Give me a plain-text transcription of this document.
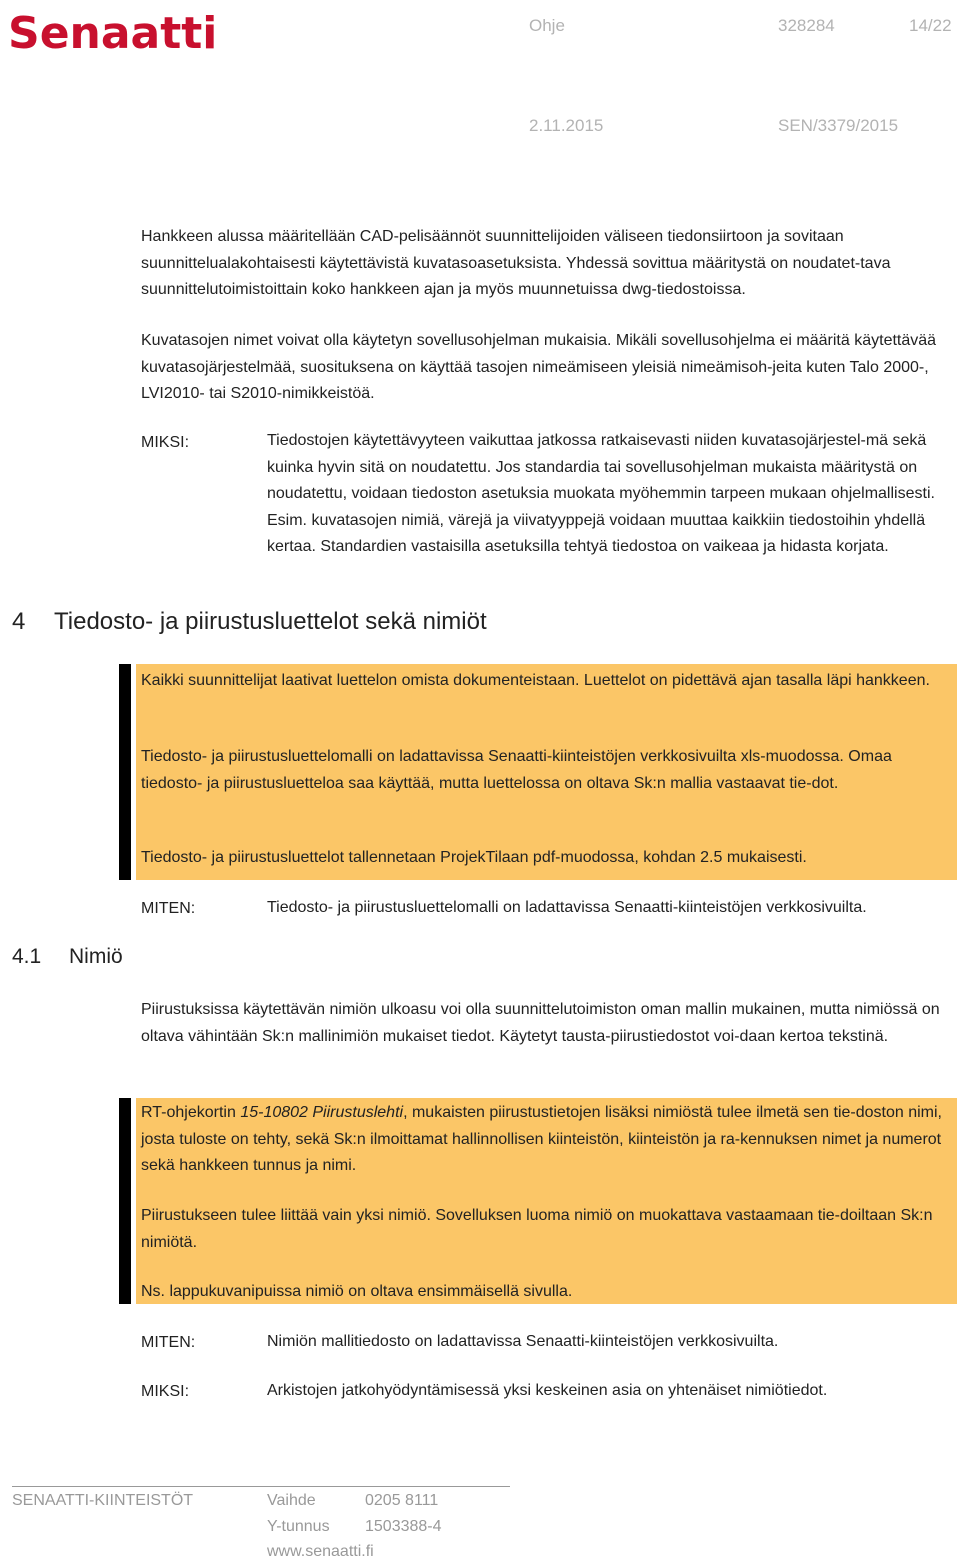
Senaatti	Ohje	328284	14/22
2.11.2015	SEN/3379/2015
Hankkeen alussa määritellään CAD-pelisäännöt suunnittelijoiden väliseen tiedonsiirtoon ja sovitaan suunnittelualakohtaisesti käytettävistä kuvatasoasetuksista. Yhdessä sovittua määritystä on noudatet-tava suunnittelutoimistoittain koko hankkeen ajan ja myös muunnetuissa dwg-tiedostoissa.
Kuvatasojen nimet voivat olla käytetyn sovellusohjelman mukaisia. Mikäli sovellusohjelma ei määritä käytettävää kuvatasojärjestelmää, suosituksena on käyttää tasojen nimeämiseen yleisiä nimeämisoh-jeita kuten Talo 2000-, LVI2010- tai S2010-nimikkeistöä.
MIKSI:	Tiedostojen käytettävyyteen vaikuttaa jatkossa ratkaisevasti niiden kuvatasojärjestel-mä sekä kuinka hyvin sitä on noudatettu. Jos standardia tai sovellusohjelman mukaista määritystä on noudatettu, voidaan tiedoston asetuksia muokata myöhemmin tarpeen mukaan ohjelmallisesti. Esim. kuvatasojen nimiä, värejä ja viivatyyppejä voidaan muuttaa kaikkiin tiedostoihin yhdellä kertaa. Standardien vastaisilla asetuksilla tehtyä tiedostoa on vaikeaa ja hidasta korjata.
4 Tiedosto- ja piirustusluettelot sekä nimiöt
Kaikki suunnittelijat laativat luettelon omista dokumenteistaan. Luettelot on pidettävä ajan tasalla läpi hankkeen.
Tiedosto- ja piirustusluettelomalli on ladattavissa Senaatti-kiinteistöjen verkkosivuilta xls-muodossa. Omaa tiedosto- ja piirustusluetteloa saa käyttää, mutta luettelossa on oltava Sk:n mallia vastaavat tie-dot.
Tiedosto- ja piirustusluettelot tallennetaan ProjekTilaan pdf-muodossa, kohdan 2.5 mukaisesti.
MITEN:	Tiedosto- ja piirustusluettelomalli on ladattavissa Senaatti-kiinteistöjen verkkosivuilta.
4.1 Nimiö
Piirustuksissa käytettävän nimiön ulkoasu voi olla suunnittelutoimiston oman mallin mukainen, mutta nimiössä on oltava vähintään Sk:n mallinimiön mukaiset tiedot. Käytetyt tausta-piirustiedostot voi-daan kertoa tekstinä.
RT-ohjekortin 15-10802 Piirustuslehti, mukaisten piirustustietojen lisäksi nimiöstä tulee ilmetä sen tie-doston nimi, josta tuloste on tehty, sekä Sk:n ilmoittamat hallinnollisen kiinteistön, kiinteistön ja ra-kennuksen nimet ja numerot sekä hankkeen tunnus ja nimi.
Piirustukseen tulee liittää vain yksi nimiö. Sovelluksen luoma nimiö on muokattava vastaamaan tie-doiltaan Sk:n nimiötä.
Ns. lappukuvanipuissa nimiö on oltava ensimmäisellä sivulla.
MITEN:	Nimiön mallitiedosto on ladattavissa Senaatti-kiinteistöjen verkkosivuilta.
MIKSI:	Arkistojen jatkohyödyntämisessä yksi keskeinen asia on yhtenäiset nimiötiedot.
SENAATTI-KIINTEISTÖT	Vaihde	0205 8111
Y-tunnus 1503388-4
www.senaatti.fi
